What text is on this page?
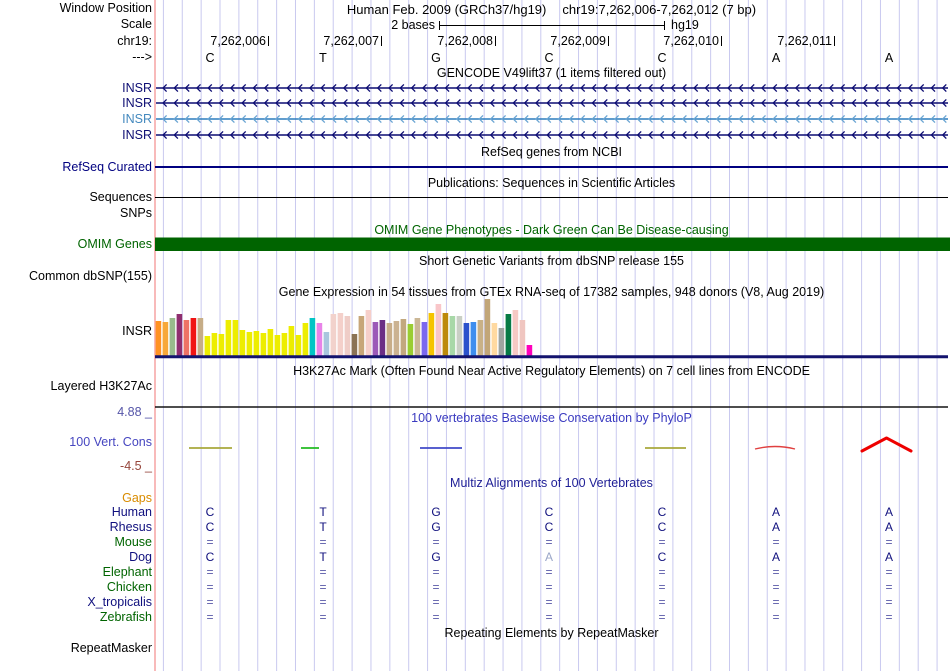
Human Feb. 2009 (GRCh37/hg19) chr19:7,262,006-7,262,012 (7 bp)
2 bases	hg19
7,262,006	7,262,007	7,262,008	7,262,009	7,262,010	7,262,011
C	T	G	C	C	A	A
Window Position
Scale
chr19:
--->
INSR
INSR
INSR
INSR
RefSeq Curated
Sequences
SNPs
OMIM Genes
Common dbSNP(155)
INSR
Layered H3K27Ac
4.88 _
100 Vert. Cons
-4.5 _
Gaps
Human
Rhesus
Mouse
Dog
Elephant
Chicken
X_tropicalis
Zebrafish
RepeatMasker
GENCODE V49lift37 (1 items filtered out)
RefSeq genes from NCBI
Publications: Sequences in Scientific Articles
OMIM Gene Phenotypes - Dark Green Can Be Disease-causing
Short Genetic Variants from dbSNP release 155
Gene Expression in 54 tissues from GTEx RNA-seq of 17382 samples, 948 donors (V8, Aug 2019)
H3K27Ac Mark (Often Found Near Active Regulatory Elements) on 7 cell lines from ENCODE
100 vertebrates Basewise Conservation by PhyloP
Multiz Alignments of 100 Vertebrates
Repeating Elements by RepeatMasker
C	T	G	C	C	A	A
C	T	G	C	C	A	A
=	=	=	=	=	=	=
C	T	G	A	C	A	A
=	=	=	=	=	=	=
=	=	=	=	=	=	=
=	=	=	=	=	=	=
=	=	=	=	=	=	=
